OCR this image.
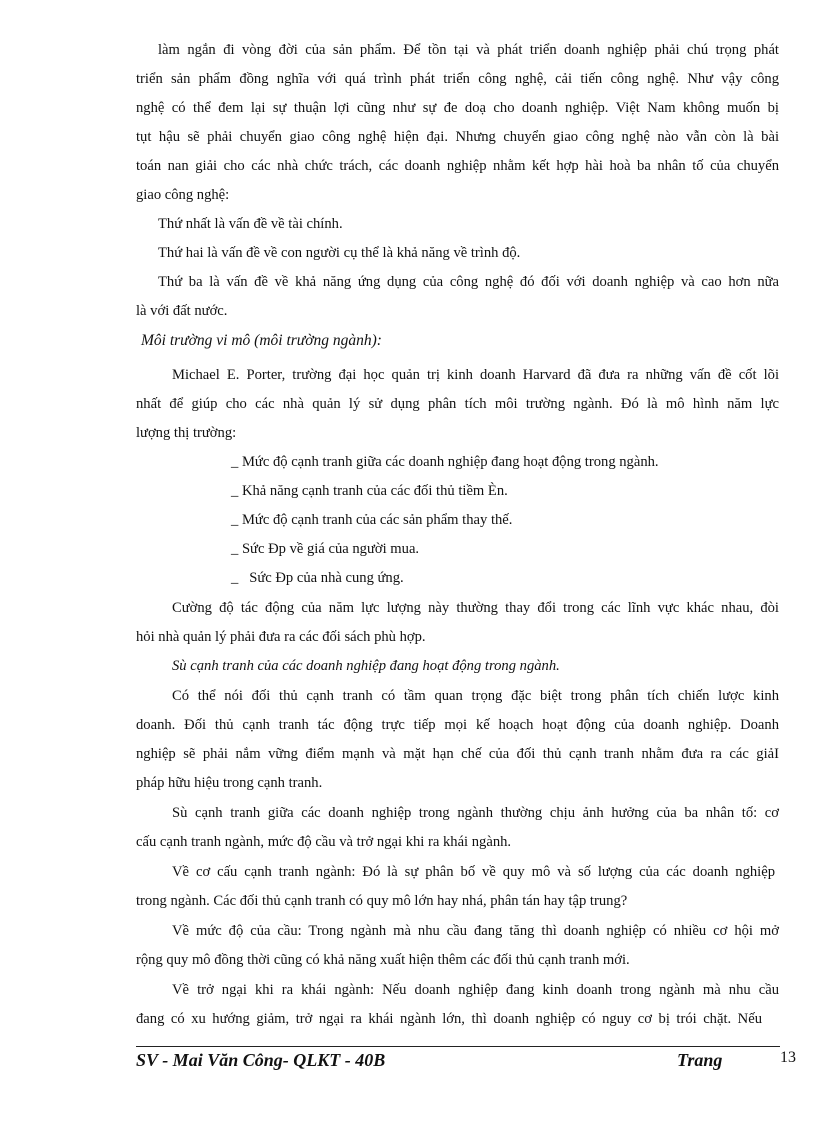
làm ngắn đi vòng đời của sản phẩm. Để tồn tại và phát triển doanh nghiệp phải chú trọng phát
triển sản phẩm đồng nghĩa với quá trình phát triển công nghệ, cải tiến công nghệ. Như vậy công
nghệ có thể đem lại sự thuận lợi cũng như sự đe doạ cho doanh nghiệp. Việt Nam không muốn bị
tụt hậu sẽ phải chuyển giao công nghệ hiện đại. Nhưng chuyển giao công nghệ nào vẫn còn là bài
toán nan giải cho các nhà chức trách, các doanh nghiệp nhằm kết hợp hài hoà ba nhân tố của chuyển
giao công nghệ:
Thứ nhất là vấn đề về tài chính.
Thứ hai là vấn đề về con người cụ thể là khả năng về trình độ.
Thứ ba là vấn đề về khả năng ứng dụng của công nghệ đó đối với doanh nghiệp và cao hơn nữa
là với đất nước.
Môi trường vi mô (môi trường ngành):
Michael E. Porter, trường đại học quản trị kinh doanh Harvard đã đưa ra những vấn đề cốt lõi
nhất để giúp cho các nhà quản lý sử dụng phân tích môi trường ngành. Đó là mô hình năm lực
lượng thị trường:
_ Mức độ cạnh tranh giữa các doanh nghiệp đang hoạt động trong ngành.
_ Khả năng cạnh tranh của các đối thủ tiềm Èn.
_ Mức độ cạnh tranh của các sản phẩm thay thế.
_ Sức Ðp về giá của người mua.
_   Sức Ðp của nhà cung ứng.
Cường độ tác động của năm lực lượng này thường thay đổi trong các lĩnh vực khác nhau, đòi
hỏi nhà quản lý phải đưa ra các đối sách phù hợp.
Sù cạnh tranh của các doanh nghiệp đang hoạt động trong ngành.
Có thể nói đối thủ cạnh tranh có tầm quan trọng đặc biệt trong phân tích chiến lược kinh
doanh. Đối thủ cạnh tranh tác động trực tiếp mọi kế hoạch hoạt động của doanh nghiệp. Doanh
nghiệp sẽ phải nắm vững điểm mạnh và mặt hạn chế của đối thủ cạnh tranh nhằm đưa ra các giảI
pháp hữu hiệu trong cạnh tranh.
Sù cạnh tranh giữa các doanh nghiệp trong ngành thường chịu ảnh hưởng của ba nhân tố: cơ
cấu cạnh tranh ngành, mức độ cầu và trở ngại khi ra khái ngành.
Về cơ cấu cạnh tranh ngành: Đó là sự phân bố về quy mô và số lượng của các doanh nghiệp
trong ngành. Các đối thủ cạnh tranh có quy mô lớn hay nhá, phân tán hay tập trung?
Về mức độ của cầu: Trong ngành mà nhu cầu đang tăng thì doanh nghiệp có nhiều cơ hội mở
rộng quy mô đồng thời cũng có khả năng xuất hiện thêm các đối thủ cạnh tranh mới.
Về trở ngại khi ra khái ngành: Nếu doanh nghiệp đang kinh doanh trong ngành mà nhu cầu
đang có xu hướng giảm, trở ngại ra khái ngành lớn, thì doanh nghiệp có nguy cơ bị trói chặt. Nếu
SV - Mai Văn Công- QLKT - 40B	Trang	13
